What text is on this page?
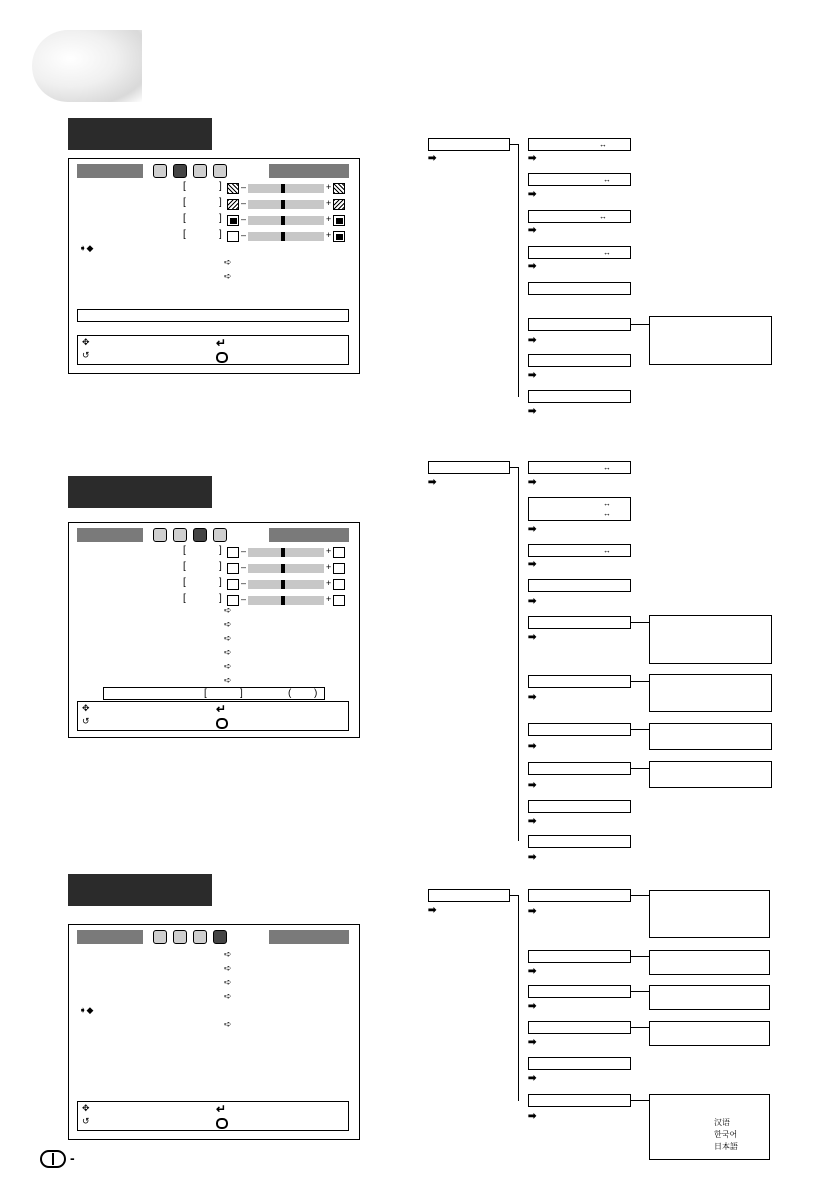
[	] –	+
[	] –	+
[	] –	+
[	] –	+
➧◆
➪
➪
✥
↺
↵
[	] –	+
[	] –	+
[	] –	+
[	] –	+
➪
➪
➪
➪
➪
➪
[	]	( )
✥
↺
↵
➪
➪
➪
➪
➧◆
➪
✥
↺
↵
➡
↔
➡
↔
➡
↔
➡
↔
➡
➡
➡
➡
➡
↔
➡
↔
↔
➡
↔
➡
➡
➡
➡
➡
➡
➡
➡
➡	➡
➡
➡
➡
➡
➡
汉语
한국어
日本語
-
